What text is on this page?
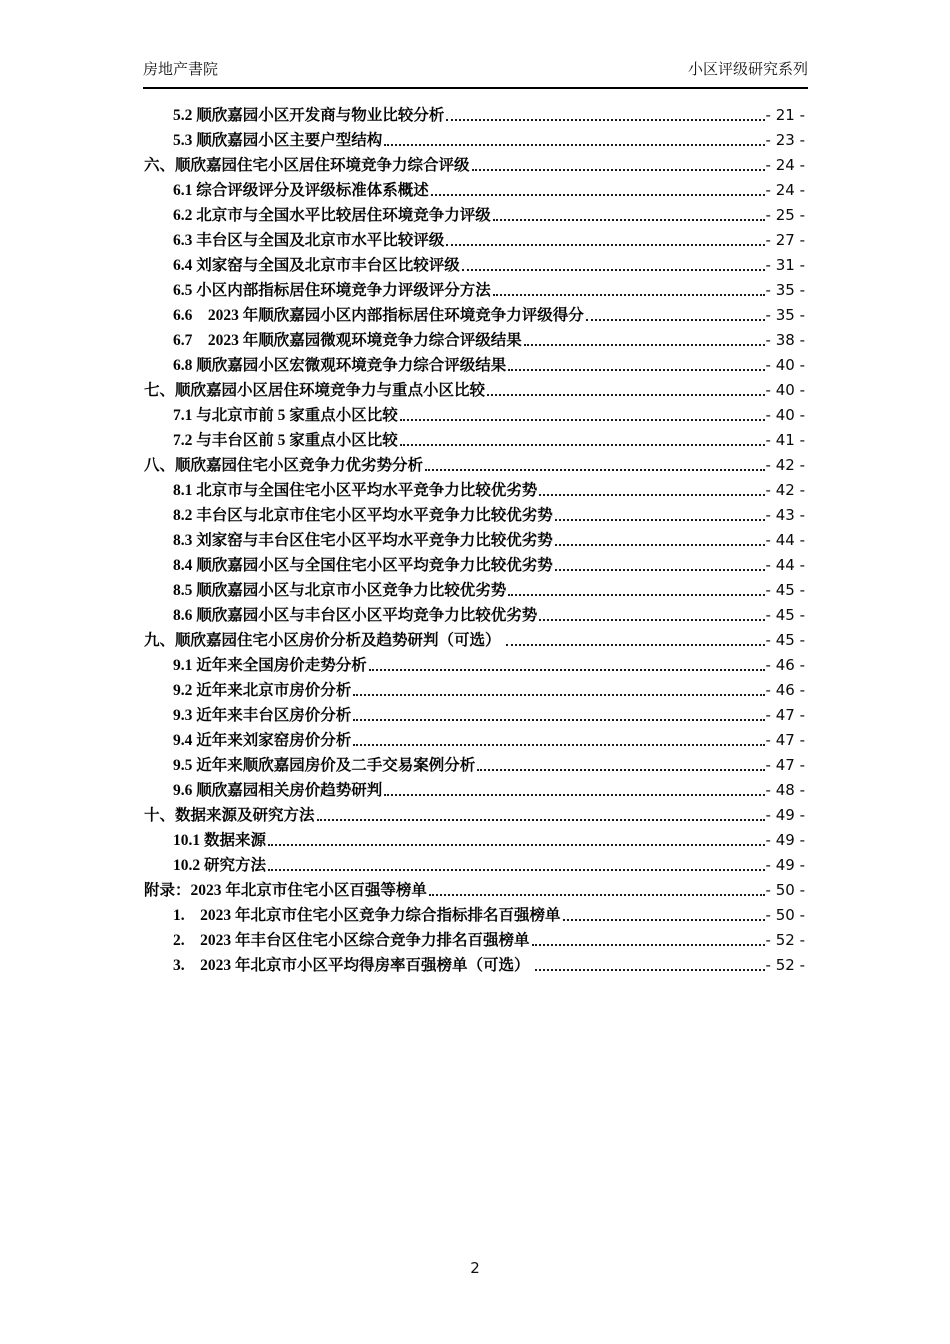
房地产書院	小区评级研究系列
5.2 顺欣嘉园小区开发商与物业比较分析	- 21 -
5.3 顺欣嘉园小区主要户型结构	- 23 -
六、顺欣嘉园住宅小区居住环境竞争力综合评级	- 24 -
6.1 综合评级评分及评级标准体系概述	- 24 -
6.2 北京市与全国水平比较居住环境竞争力评级	- 25 -
6.3 丰台区与全国及北京市水平比较评级	- 27 -
6.4 刘家窑与全国及北京市丰台区比较评级	- 31 -
6.5 小区内部指标居住环境竞争力评级评分方法	- 35 -
6.6 2023 年顺欣嘉园小区内部指标居住环境竞争力评级得分	- 35 -
6.7 2023 年顺欣嘉园微观环境竞争力综合评级结果	- 38 -
6.8 顺欣嘉园小区宏微观环境竞争力综合评级结果	- 40 -
七、顺欣嘉园小区居住环境竞争力与重点小区比较	- 40 -
7.1 与北京市前 5 家重点小区比较	- 40 -
7.2 与丰台区前 5 家重点小区比较	- 41 -
八、顺欣嘉园住宅小区竞争力优劣势分析	- 42 -
8.1 北京市与全国住宅小区平均水平竞争力比较优劣势	- 42 -
8.2 丰台区与北京市住宅小区平均水平竞争力比较优劣势	- 43 -
8.3 刘家窑与丰台区住宅小区平均水平竞争力比较优劣势	- 44 -
8.4 顺欣嘉园小区与全国住宅小区平均竞争力比较优劣势	- 44 -
8.5 顺欣嘉园小区与北京市小区竞争力比较优劣势	- 45 -
8.6 顺欣嘉园小区与丰台区小区平均竞争力比较优劣势	- 45 -
九、顺欣嘉园住宅小区房价分析及趋势研判（可选）	- 45 -
9.1 近年来全国房价走势分析	- 46 -
9.2 近年来北京市房价分析	- 46 -
9.3 近年来丰台区房价分析	- 47 -
9.4 近年来刘家窑房价分析	- 47 -
9.5 近年来顺欣嘉园房价及二手交易案例分析	- 47 -
9.6 顺欣嘉园相关房价趋势研判	- 48 -
十、数据来源及研究方法	- 49 -
10.1 数据来源	- 49 -
10.2 研究方法	- 49 -
附录：2023 年北京市住宅小区百强等榜单	- 50 -
1. 2023 年北京市住宅小区竞争力综合指标排名百强榜单	- 50 -
2. 2023 年丰台区住宅小区综合竞争力排名百强榜单	- 52 -
3. 2023 年北京市小区平均得房率百强榜单（可选）	- 52 -
2
